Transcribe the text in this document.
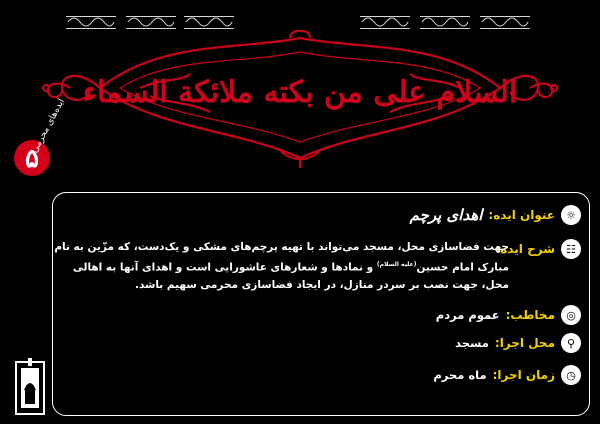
السلام علی من بکته ملائکة السماء
۵
ایده‌های محرمی
☼
عنوان ایده:
اهدای پرچم
☷
شرح ایده:
جهت فضاسازی محل، مسجد می‌تواند با تهیه پرچم‌های مشکی و یک‌دست، که مزّین به نام مبارک امام حسین$^{(علیه السلام)}$ و نمادها و شعارهای عاشورایی است و اهدای آنها به اهالی محل، جهت نصب بر سردر منازل، در ایجاد فضاسازی محرمی سهیم باشد.
◎
مخاطب:
عموم مردم
⚲
محل اجرا:
مسجد
◷
زمان اجرا:
ماه محرم
